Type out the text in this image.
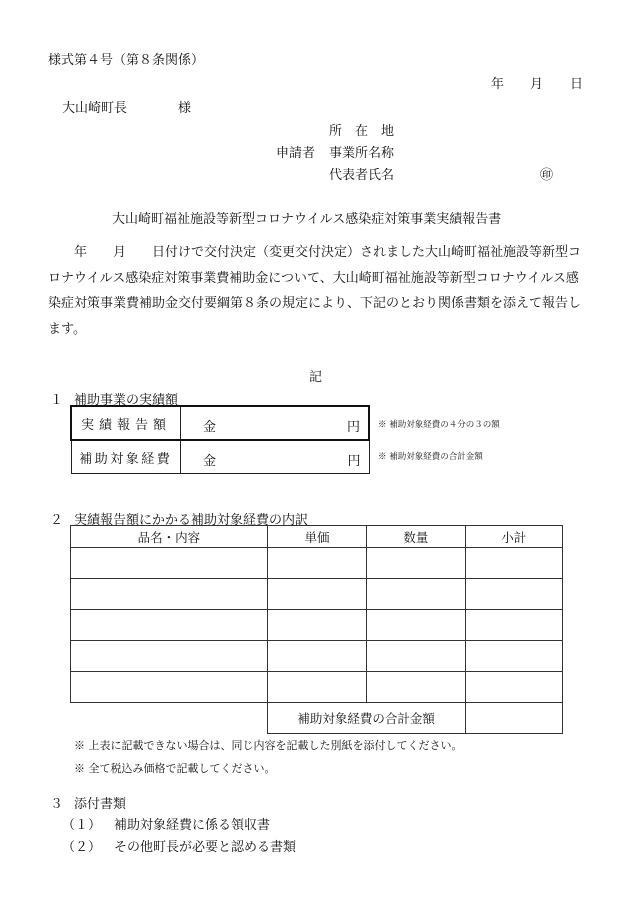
様式第４号（第８条関係）
年 月 日
大山崎町長	様
所　在　地
申請者 事業所名称
代表者氏名	㊞
大山崎町福祉施設等新型コロナウイルス感染症対策事業実績報告書
年　　月　　日付けで交付決定（変更交付決定）されました大山崎町福祉施設等新型コロナウイルス感染症対策事業費補助金について、大山崎町福祉施設等新型コロナウイルス感染症対策事業費補助金交付要綱第８条の規定により、下記のとおり関係書類を添えて報告します。
記
１ 補助事業の実績額
実績報告額	金 円

補助対象経費	金 円
※ 補助対象経費の４分の３の額
※ 補助対象経費の合計金額
２ 実績報告額にかかる補助対象経費の内訳
品名・内容	単価	数量	小計

	補助対象経費の合計金額		
※ 上表に記載できない場合は、同じ内容を記載した別紙を添付してください。
※ 全て税込み価格で記載してください。
３ 添付書類
（１） 補助対象経費に係る領収書
（２） その他町長が必要と認める書類
